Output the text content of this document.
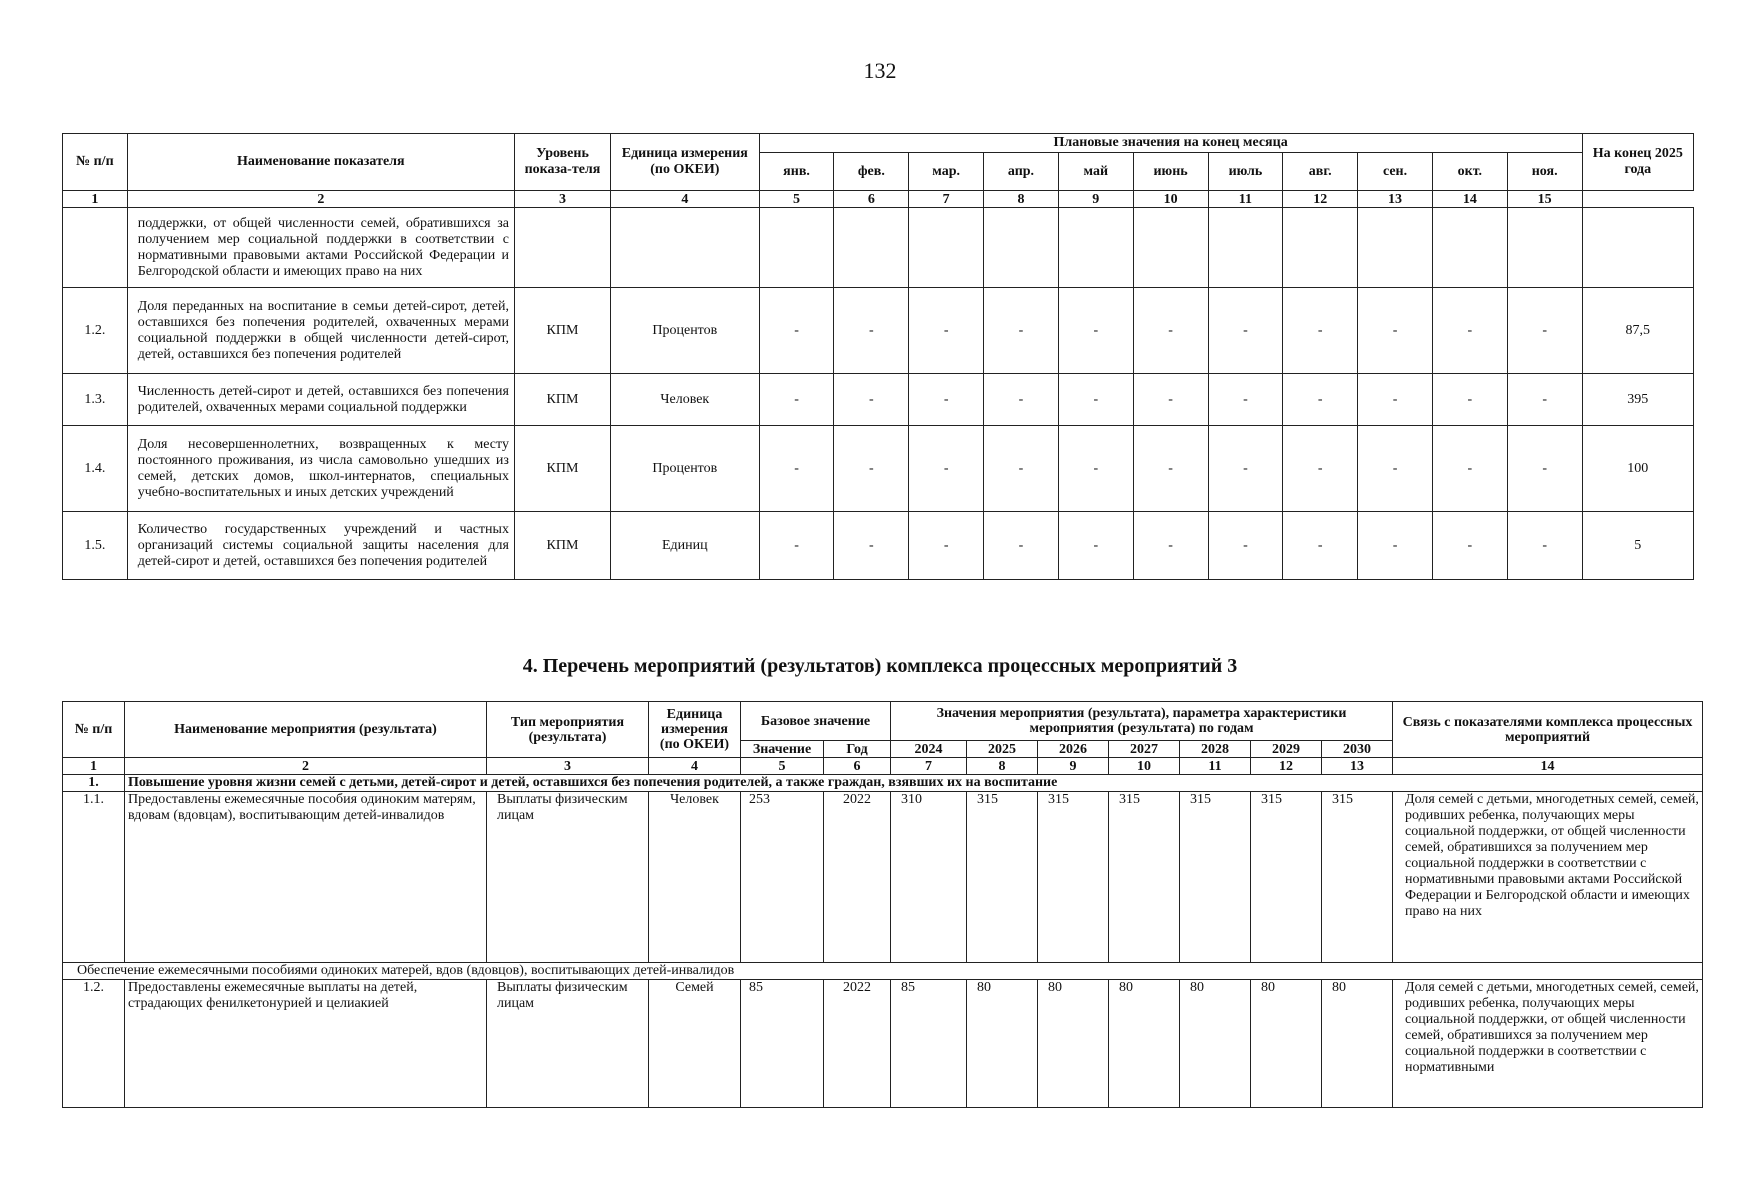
132
№ п/п	Наименование показателя	Уровень показа-теля	Единица измерения (по ОКЕИ)	Плановые значения на конец месяца											На конец 2025 года
				янв.	фев.	мар.	апр.	май	июнь	июль	авг.	сен.	окт.	ноя.	
1	2	3	4	5	6	7	8	9	10	11	12	13	14	15	
	поддержки, от общей численности семей, обратившихся за получением мер социальной поддержки в соответствии с нормативными правовыми актами Российской Федерации и Белгородской области и имеющих право на них														
1.2.	Доля переданных на воспитание в семьи детей-сирот, детей, оставшихся без попечения родителей, охваченных мерами социальной поддержки в общей численности детей-сирот, детей, оставшихся без попечения родителей	КПМ	Процентов	-	-	-	-	-	-	-	-	-	-	-	87,5
1.3.	Численность детей-сирот и детей, оставшихся без попечения родителей, охваченных мерами социальной поддержки	КПМ	Человек	-	-	-	-	-	-	-	-	-	-	-	395
1.4.	Доля несовершеннолетних, возвращенных к месту постоянного проживания, из числа самовольно ушедших из семей, детских домов, школ-интернатов, специальных учебно-воспитательных и иных детских учреждений	КПМ	Процентов	-	-	-	-	-	-	-	-	-	-	-	100
1.5.	Количество государственных учреждений и частных организаций системы социальной защиты населения для детей-сирот и детей, оставшихся без попечения родителей	КПМ	Единиц	-	-	-	-	-	-	-	-	-	-	-	5
4. Перечень мероприятий (результатов) комплекса процессных мероприятий 3
№ п/п	Наименование мероприятия (результата)	Тип мероприятия (результата)	Единица измерения (по ОКЕИ)	Базовое значение		Значения мероприятия (результата), параметра характеристики мероприятия (результата) по годам							Связь с показателями комплекса процессных мероприятий
				Значение	Год	2024	2025	2026	2027	2028	2029	2030	
1	2	3	4	5	6	7	8	9	10	11	12	13	14
1.	Повышение уровня жизни семей с детьми, детей-сирот и детей, оставшихся без попечения родителей, а также граждан, взявших их на воспитание												
1.1.	Предоставлены ежемесячные пособия одиноким матерям, вдовам (вдовцам), воспитывающим детей-инвалидов	Выплаты физическим лицам	Человек	253	2022	310	315	315	315	315	315	315	Доля семей с детьми, многодетных семей, семей, родивших ребенка, получающих меры социальной поддержки, от общей численности семей, обратившихся за получением мер социальной поддержки в соответствии с нормативными правовыми актами Российской Федерации и Белгородской области и имеющих право на них
Обеспечение ежемесячными пособиями одиноких матерей, вдов (вдовцов), воспитывающих детей-инвалидов													
1.2.	Предоставлены ежемесячные выплаты на детей, страдающих фенилкетонурией и целиакией	Выплаты физическим лицам	Семей	85	2022	85	80	80	80	80	80	80	Доля семей с детьми, многодетных семей, семей, родивших ребенка, получающих меры социальной поддержки, от общей численности семей, обратившихся за получением мер социальной поддержки в соответствии с нормативными
